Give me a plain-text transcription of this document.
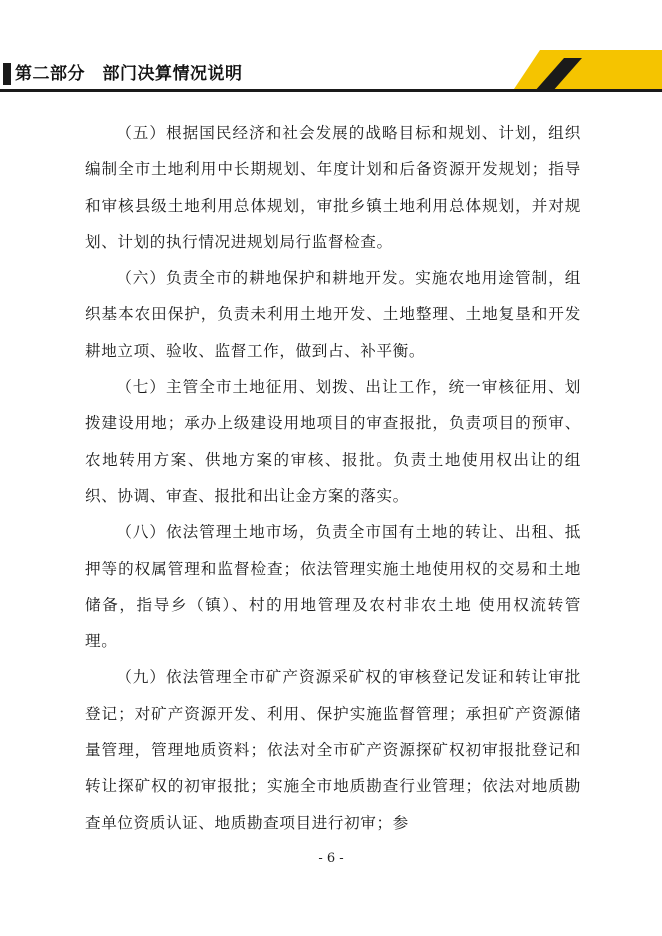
第二部分　部门决算情况说明

（五）根据国民经济和社会发展的战略目标和规划、计划，组织编制全市土地利用中长期规划、年度计划和后备资源开发规划；指导和审核县级土地利用总体规划，审批乡镇土地利用总体规划，并对规划、计划的执行情况进规划局行监督检查。

（六）负责全市的耕地保护和耕地开发。实施农地用途管制，组织基本农田保护，负责未利用土地开发、土地整理、土地复垦和开发耕地立项、验收、监督工作，做到占、补平衡。

（七）主管全市土地征用、划拨、出让工作，统一审核征用、划拨建设用地；承办上级建设用地项目的审查报批，负责项目的预审、农地转用方案、供地方案的审核、报批。负责土地使用权出让的组织、协调、审查、报批和出让金方案的落实。

（八）依法管理土地市场，负责全市国有土地的转让、出租、抵押等的权属管理和监督检查；依法管理实施土地使用权的交易和土地储备，指导乡（镇）、村的用地管理及农村非农土地 使用权流转管理。

（九）依法管理全市矿产资源采矿权的审核登记发证和转让审批登记；对矿产资源开发、利用、保护实施监督管理；承担矿产资源储量管理，管理地质资料；依法对全市矿产资源探矿权初审报批登记和转让探矿权的初审报批；实施全市地质勘查行业管理；依法对地质勘查单位资质认证、地质勘查项目进行初审；参

- 6 -
